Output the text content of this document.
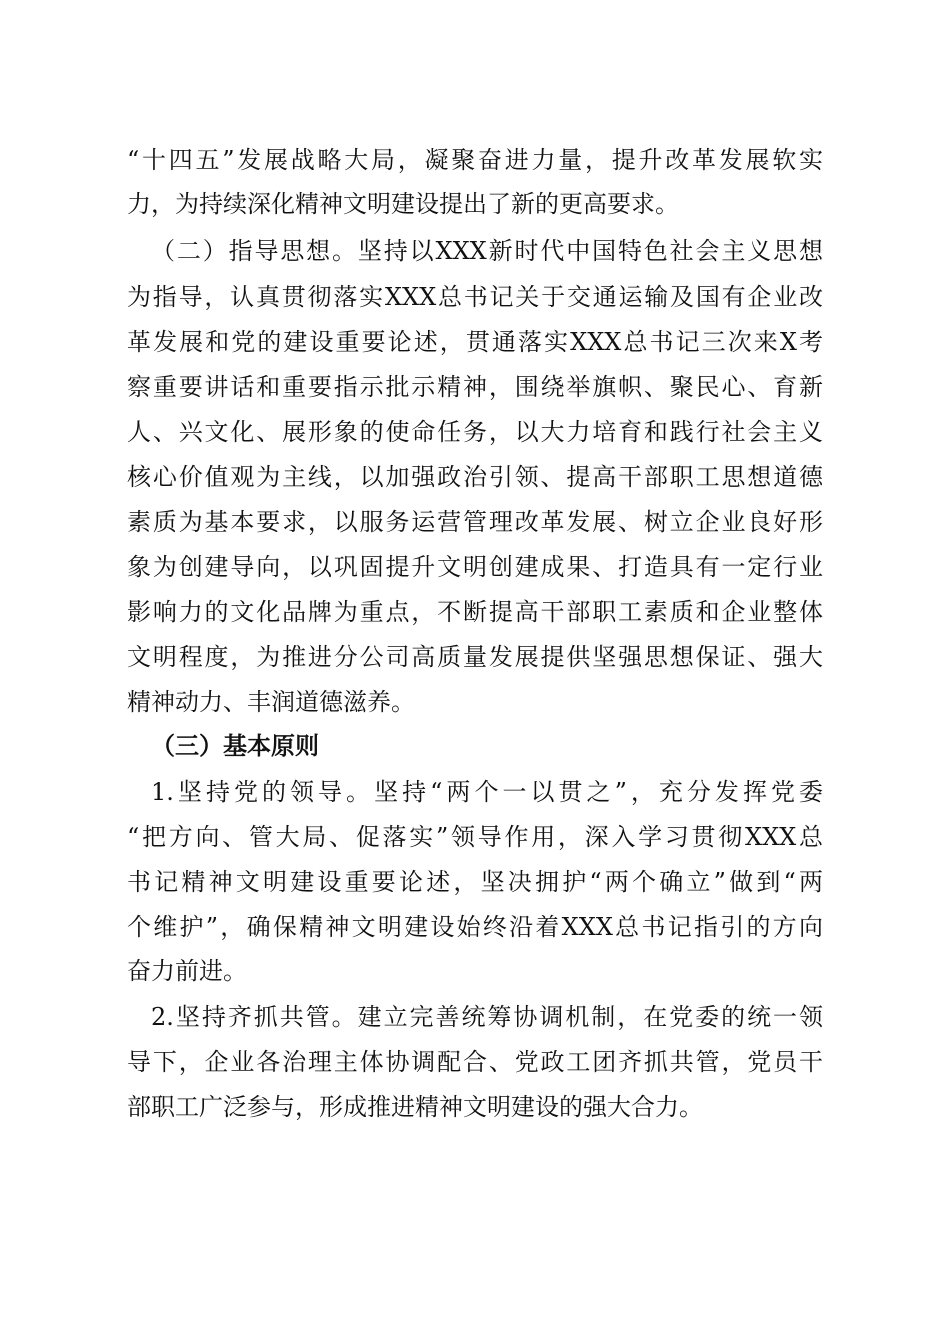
“十四五”发展战略大局，凝聚奋进力量，提升改革发展软实
力，为持续深化精神文明建设提出了新的更高要求。
（二）指导思想。坚持以XXX新时代中国特色社会主义思想
为指导，认真贯彻落实XXX总书记关于交通运输及国有企业改
革发展和党的建设重要论述，贯通落实XXX总书记三次来X考
察重要讲话和重要指示批示精神，围绕举旗帜、聚民心、育新
人、兴文化、展形象的使命任务，以大力培育和践行社会主义
核心价值观为主线，以加强政治引领、提高干部职工思想道德
素质为基本要求，以服务运营管理改革发展、树立企业良好形
象为创建导向，以巩固提升文明创建成果、打造具有一定行业
影响力的文化品牌为重点，不断提高干部职工素质和企业整体
文明程度，为推进分公司高质量发展提供坚强思想保证、强大
精神动力、丰润道德滋养。
（三）基本原则
1.坚持党的领导。坚持“两个一以贯之”，充分发挥党委
“把方向、管大局、促落实”领导作用，深入学习贯彻XXX总
书记精神文明建设重要论述，坚决拥护“两个确立”做到“两
个维护”，确保精神文明建设始终沿着XXX总书记指引的方向
奋力前进。
2.坚持齐抓共管。建立完善统筹协调机制，在党委的统一领
导下，企业各治理主体协调配合、党政工团齐抓共管，党员干
部职工广泛参与，形成推进精神文明建设的强大合力。
